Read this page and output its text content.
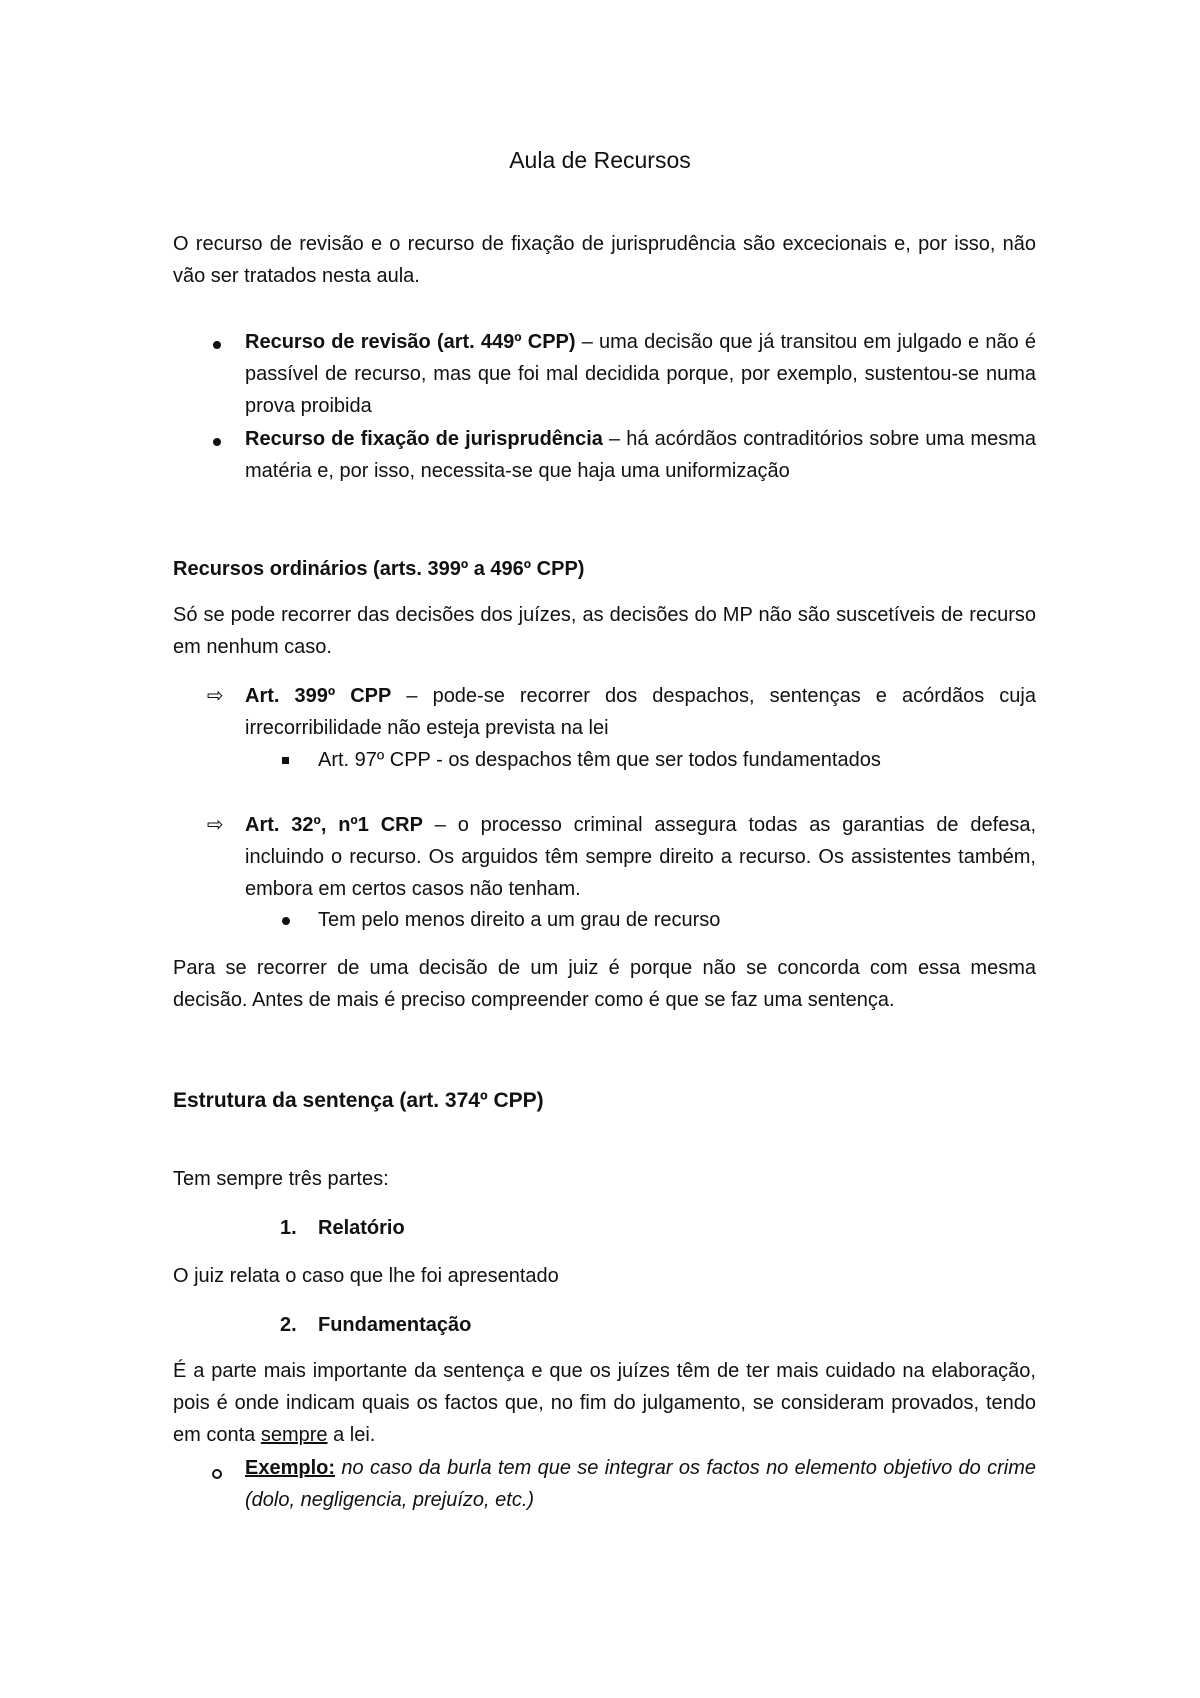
Aula de Recursos
O recurso de revisão e o recurso de fixação de jurisprudência são excecionais e, por isso, não vão ser tratados nesta aula.
Recurso de revisão (art. 449º CPP) – uma decisão que já transitou em julgado e não é passível de recurso, mas que foi mal decidida porque, por exemplo, sustentou-se numa prova proibida
Recurso de fixação de jurisprudência – há acórdãos contraditórios sobre uma mesma matéria e, por isso, necessita-se que haja uma uniformização
Recursos ordinários (arts. 399º a 496º CPP)
Só se pode recorrer das decisões dos juízes, as decisões do MP não são suscetíveis de recurso em nenhum caso.
⇨ Art. 399º CPP – pode-se recorrer dos despachos, sentenças e acórdãos cuja irrecorribilidade não esteja prevista na lei
Art. 97º CPP - os despachos têm que ser todos fundamentados
⇨ Art. 32º, nº1 CRP – o processo criminal assegura todas as garantias de defesa, incluindo o recurso. Os arguidos têm sempre direito a recurso. Os assistentes também, embora em certos casos não tenham.
Tem pelo menos direito a um grau de recurso
Para se recorrer de uma decisão de um juiz é porque não se concorda com essa mesma decisão. Antes de mais é preciso compreender como é que se faz uma sentença.
Estrutura da sentença (art. 374º CPP)
Tem sempre três partes:
1. Relatório
O juiz relata o caso que lhe foi apresentado
2. Fundamentação
É a parte mais importante da sentença e que os juízes têm de ter mais cuidado na elaboração, pois é onde indicam quais os factos que, no fim do julgamento, se consideram provados, tendo em conta sempre a lei.
Exemplo: no caso da burla tem que se integrar os factos no elemento objetivo do crime (dolo, negligencia, prejuízo, etc.)
